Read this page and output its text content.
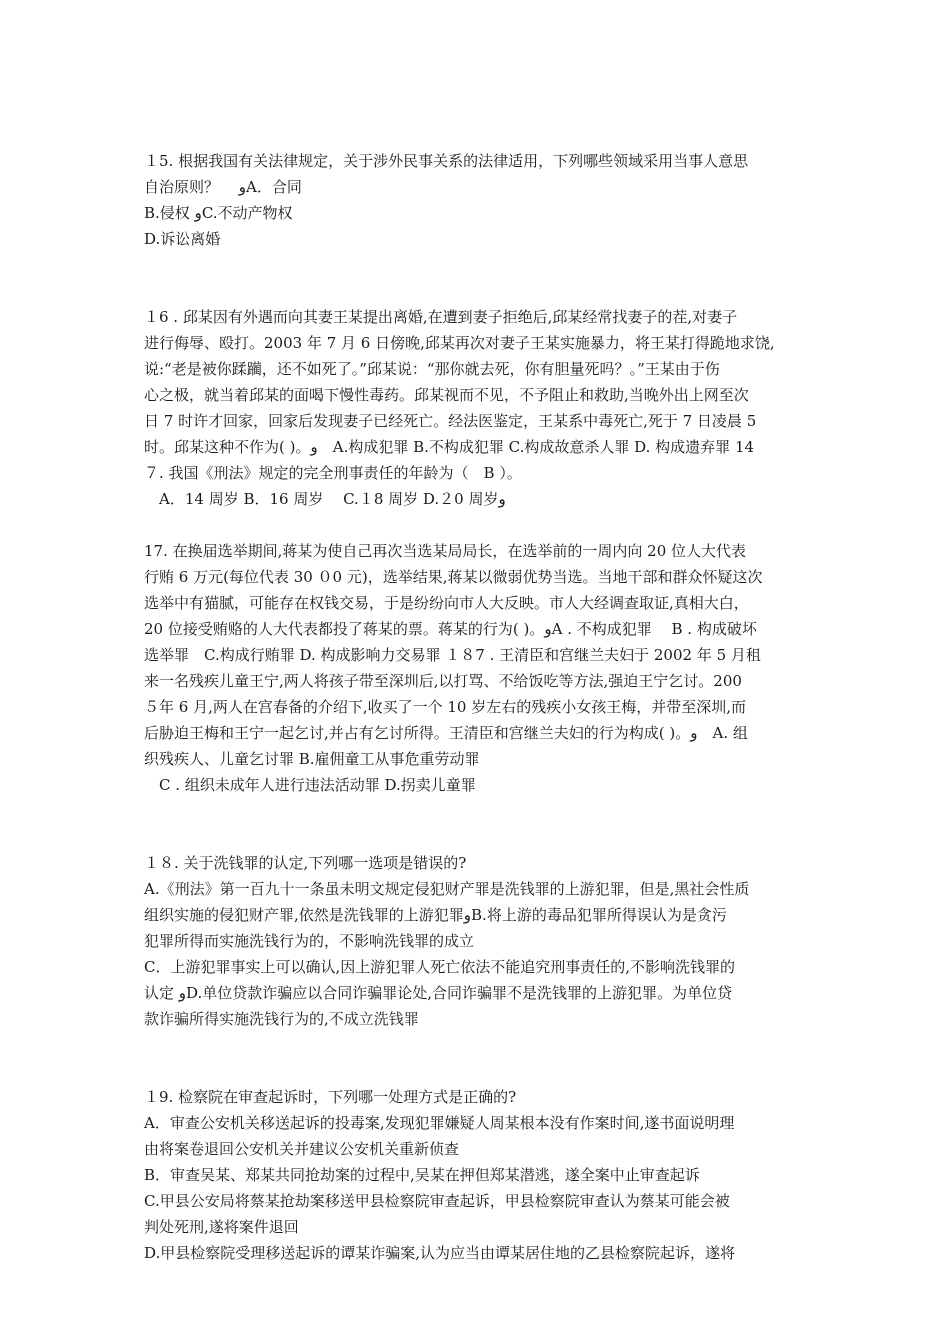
１5. 根据我国有关法律规定，关于涉外民事关系的法律适用，下列哪些领域采用当事人意思
自治原则？　 ﻭA．合同
B.侵权 ﻭC.不动产物权
D.诉讼离婚
１6 . 邱某因有外遇而向其妻王某提出离婚,在遭到妻子拒绝后,邱某经常找妻子的茬,对妻子
进行侮辱、殴打。2003 年 7 月 6 日傍晚,邱某再次对妻子王某实施暴力，将王某打得跪地求饶,
说:“老是被你蹂躏，还不如死了。”邱某说：“那你就去死，你有胆量死吗？。”王某由于伤
心之极，就当着邱某的面喝下慢性毒药。邱某视而不见，不予阻止和救助,当晚外出上网至次
日 7 时许才回家，回家后发现妻子已经死亡。经法医鉴定，王某系中毒死亡,死于 7 日凌晨 5
时。邱某这种不作为( )。ﻭ　A.构成犯罪 B.不构成犯罪 C.构成故意杀人罪 D. 构成遗弃罪 14
７. 我国《刑法》规定的完全刑事责任的年龄为（　B ）。
　A．14 周岁 B．16 周岁　 C.１8 周岁 D.２0 周岁ﻭ
17. 在换届选举期间,蒋某为使自己再次当选某局局长，在选举前的一周内向 20 位人大代表
行贿 6 万元(每位代表 30 ０0 元)，选举结果,蒋某以微弱优势当选。当地干部和群众怀疑这次
选举中有猫腻，可能存在权钱交易，于是纷纷向市人大反映。市人大经调查取证,真相大白，
20 位接受贿赂的人大代表都投了蒋某的票。蒋某的行为( )。ﻭA . 不构成犯罪　 B . 构成破坏
选举罪　C.构成行贿罪 D. 构成影响力交易罪 １８7 . 王清臣和宫继兰夫妇于 2002 年 5 月租
来一名残疾儿童王宁,两人将孩子带至深圳后,以打骂、不给饭吃等方法,强迫王宁乞讨。200
５年 6 月,两人在宫春备的介绍下,收买了一个 10 岁左右的残疾小女孩王梅，并带至深圳,而
后胁迫王梅和王宁一起乞讨,并占有乞讨所得。王清臣和宫继兰夫妇的行为构成( )。ﻭ　A. 组
织残疾人、儿童乞讨罪 B.雇佣童工从事危重劳动罪
　C . 组织未成年人进行违法活动罪 D.拐卖儿童罪
１８. 关于洗钱罪的认定,下列哪一选项是错误的?
A.《刑法》第一百九十一条虽未明文规定侵犯财产罪是洗钱罪的上游犯罪，但是,黑社会性质
组织实施的侵犯财产罪,依然是洗钱罪的上游犯罪ﻭB.将上游的毒品犯罪所得误认为是贪污
犯罪所得而实施洗钱行为的，不影响洗钱罪的成立
C．上游犯罪事实上可以确认,因上游犯罪人死亡依法不能追究刑事责任的,不影响洗钱罪的
认定 ﻭD.单位贷款诈骗应以合同诈骗罪论处,合同诈骗罪不是洗钱罪的上游犯罪。为单位贷
款诈骗所得实施洗钱行为的,不成立洗钱罪
１9. 检察院在审查起诉时，下列哪一处理方式是正确的?
A．审查公安机关移送起诉的投毒案,发现犯罪嫌疑人周某根本没有作案时间,遂书面说明理
由将案卷退回公安机关并建议公安机关重新侦查
B．审查吴某、郑某共同抢劫案的过程中,吴某在押但郑某潜逃，遂全案中止审查起诉
C.甲县公安局将蔡某抢劫案移送甲县检察院审查起诉，甲县检察院审查认为蔡某可能会被
判处死刑,遂将案件退回
D.甲县检察院受理移送起诉的谭某诈骗案,认为应当由谭某居住地的乙县检察院起诉，遂将
